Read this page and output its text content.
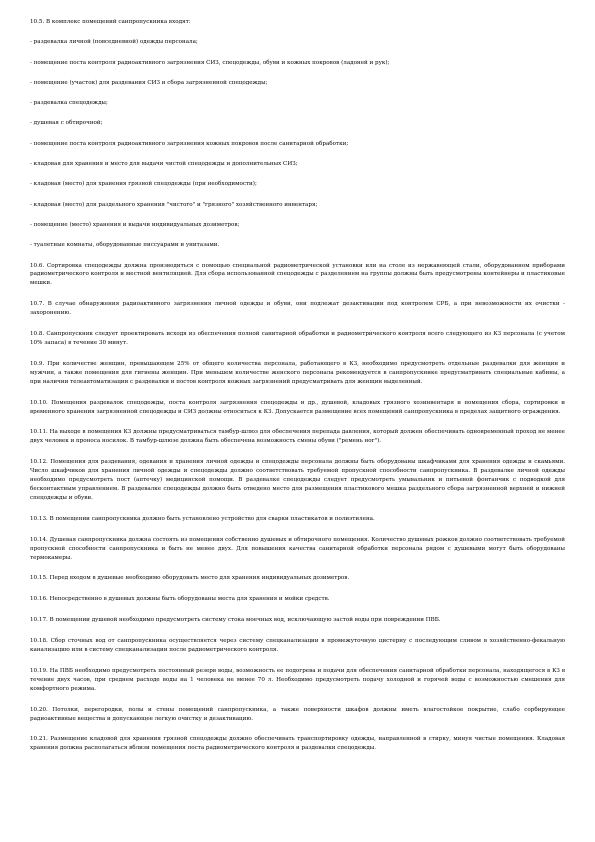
10.5. В комплекс помещений санпропускника входят:

- раздевалка личной (повседневной) одежды персонала;

- помещение поста контроля радиоактивного загрязнения СИЗ, спецодежды, обуви и кожных покровов (ладоней и рук);

- помещение (участок) для раздевания СИЗ и сбора загрязненной спецодежды;

- раздевалка спецодежды;

- душевая с обтирочной;

- помещение поста контроля радиоактивного загрязнения кожных покровов после санитарной обработки;

- кладовая для хранения и место для выдачи чистой спецодежды и дополнительных СИЗ;

- кладовая (место) для хранения грязной спецодежды (при необходимости);

- кладовая (место) для раздельного хранения "чистого" и "грязного" хозяйственного инвентаря;

- помещение (место) хранения и выдачи индивидуальных дозиметров;

- туалетные комнаты, оборудованные писсуарами и унитазами.

10.6. Сортировка спецодежды должна производиться с помощью специальной радиометрической установки или на столе из нержавеющей стали, оборудованном приборами радиометрического контроля и местной вентиляцией. Для сбора использованной спецодежды с разделением на группы должны быть предусмотрены контейнеры и пластиковые мешки.

10.7. В случае обнаружения радиоактивного загрязнения личной одежды и обуви, они подлежат дезактивации под контролем СРБ, а при невозможности их очистки - захоронению.

10.8. Санпропускник следует проектировать исходя из обеспечения полной санитарной обработки и радиометрического контроля всего следующего из КЗ персонала (с учетом 10% запаса) в течение 30 минут.

10.9. При количестве женщин, превышающем 25% от общего количества персонала, работающего в КЗ, необходимо предусмотреть отдельные раздевалки для женщин и мужчин, а также помещения для гигиены женщин. При меньшем количестве женского персонала рекомендуется в санпропускнике предусматривать специальные кабины, а при наличии телеавтоматизации с раздевалки и постов контроля кожных загрязнений предусматривать для женщин выделенный.

10.10. Помещения раздевалок спецодежды, поста контроля загрязнения спецодежды и др., душевой, кладовых грязного хозинвентаря и помещения сбора, сортировки и временного хранения загрязненной спецодежды и СИЗ должны относиться к КЗ. Допускается размещение всех помещений санпропускника в пределах защитного ограждения.

10.11. На выходе в помещения КЗ должны предусматриваться тамбур-шлюз для обеспечения перепада давления, который должен обеспечивать одновременный проход не менее двух человек и проноса носилок. В тамбур-шлюзе должна быть обеспечена возможность смены обуви ("ремень ног").

10.12. Помещения для раздевания, одевания и хранения личной одежды и спецодежды персонала должны быть оборудованы шкафчиками для хранения одежды и скамьями. Число шкафчиков для хранения личной одежды и спецодежды должно соответствовать требуемой пропускной способности санпропускника. В раздевалке личной одежды необходимо предусмотреть пост (аптечку) медицинской помощи. В раздевалке спецодежды следует предусмотреть умывальник и питьевой фонтанчик с подводкой для бесконтактным управлением. В раздевалке спецодежды должно быть отведено место для размещения пластикового мешка раздельного сбора загрязненной верхней и нижней спецодежды и обуви.

10.13. В помещении санпропускника должно быть установлено устройство для сварки пластикатов и полиэтилена.

10.14. Душевая санпропускника должна состоять из помещения собственно душевых и обтирочного помещения. Количество душевых рожков должно соответствовать требуемой пропускной способности санпропускника и быть не менее двух. Для повышения качества санитарной обработки персонала рядом с душевыми могут быть оборудованы термокамеры.

10.15. Перед входом в душевые необходимо оборудовать место для хранения индивидуальных дозиметров.

10.16. Непосредственно в душевых должны быть оборудованы места для хранения и мойки средств.

10.17. В помещении душевой необходимо предусмотреть систему стока моечных вод, исключающую застой воды при повреждении ПВБ.

10.18. Сбор сточных вод от санпропускника осуществляется через систему спецканализации в промежуточную цистерну с последующим сливом в хозяйственно-фекальную канализацию или в систему спецканализации после радиометрического контроля.

10.19. На ПВБ необходимо предусмотреть постоянный резерв воды, возможность ее подогрева и подачи для обеспечения санитарной обработки персонала, находящегося в КЗ в течение двух часов, при среднем расходе воды на 1 человека не менее 70 л. Необходимо предусмотреть подачу холодной и горячей воды с возможностью смешения для комфортного режима.

10.20. Потолки, перегородки, полы и стены помещений санпропускника, а также поверхности шкафов должны иметь влагостойкое покрытие, слабо сорбирующее радиоактивные вещества и допускающее легкую очистку и дезактивацию.

10.21. Размещение кладовой для хранения грязной спецодежды должно обеспечивать транспортировку одежды, направленной в стирку, минуя чистые помещения. Кладовая хранения должна располагаться вблизи помещения поста радиометрического контроля и раздевалки спецодежды.
